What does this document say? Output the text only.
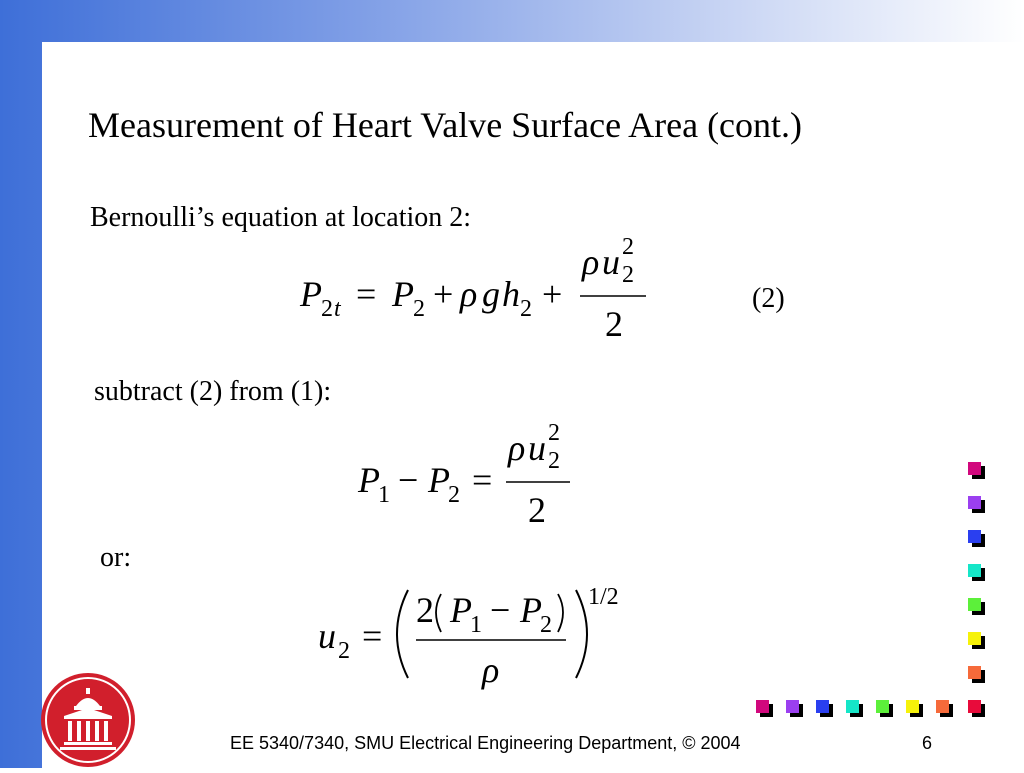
Measurement of Heart Valve Surface Area (cont.)
Bernoulli’s equation at location 2:
P 2 t = P 2 + ρ g h 2 +
ρ u 2
2
2
(2)
subtract (2) from (1):
P
1 − P
2 =
ρ u 2
2
2
or:
u 2 =
2 P
1 − P
2
ρ
1/2
EE 5340/7340, SMU Electrical Engineering Department, © 2004	6
